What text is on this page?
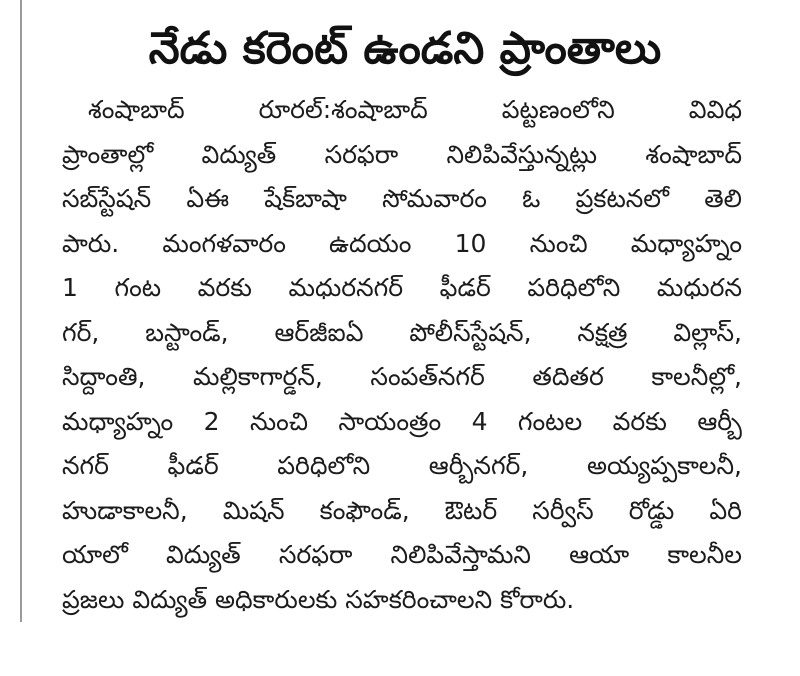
నేడు కరెంట్ ఉండని ప్రాంతాలు
శంషాబాద్ రూరల్:శంషాబాద్ పట్టణంలోని వివిధ
ప్రాంతాల్లో విద్యుత్ సరఫరా నిలిపివేస్తున్నట్లు శంషాబాద్
సబ్‌స్టేషన్ ఏఈ షేక్‌బాషా సోమవారం ఓ ప్రకటనలో తెలి
పారు. మంగళవారం ఉదయం 10 నుంచి మధ్యాహ్నం
1 గంట వరకు మధురనగర్ ఫీడర్ పరిధిలోని మధురన
గర్, బస్టాండ్, ఆర్‌జీఐఏ పోలీస్‌స్టేషన్, నక్షత్ర విల్లాస్,
సిద్దాంతి, మల్లికాగార్డన్, సంపత్‌నగర్ తదితర కాలనీల్లో,
మధ్యాహ్నం 2 నుంచి సాయంత్రం 4 గంటల వరకు ఆర్బీ
నగర్ ఫీడర్ పరిధిలోని ఆర్బీనగర్, అయ్యప్పకాలనీ,
హుడాకాలనీ, మిషన్ కంఫౌండ్, ఔటర్ సర్వీస్ రోడ్డు ఏరి
యాలో విద్యుత్ సరఫరా నిలిపివేస్తామని ఆయా కాలనీల
ప్రజలు విద్యుత్ అధికారులకు సహకరించాలని కోరారు.
